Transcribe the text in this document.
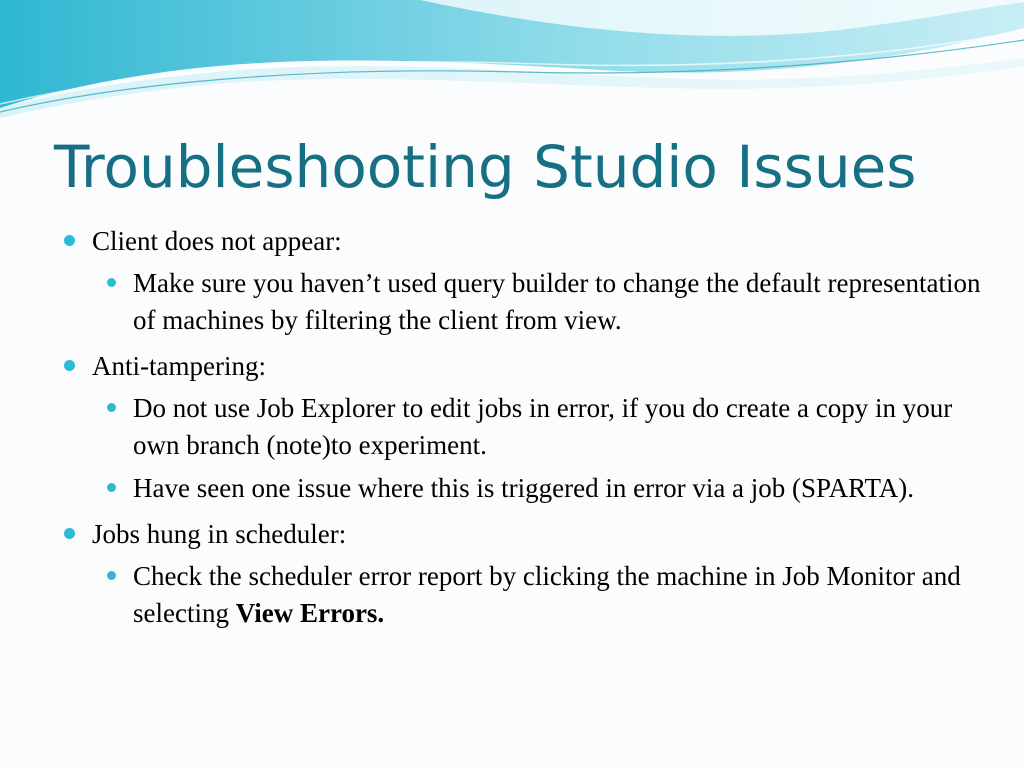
Troubleshooting Studio Issues
Client does not appear:
Make sure you haven’t used query builder to change the default representation of machines by filtering the client from view.
Anti-tampering:
Do not use Job Explorer to edit jobs in error, if you do create a copy in your own branch (note)to experiment.
Have seen one issue where this is triggered in error via a job (SPARTA).
Jobs hung in scheduler:
Check the scheduler error report by clicking the machine in Job Monitor and selecting View Errors.
